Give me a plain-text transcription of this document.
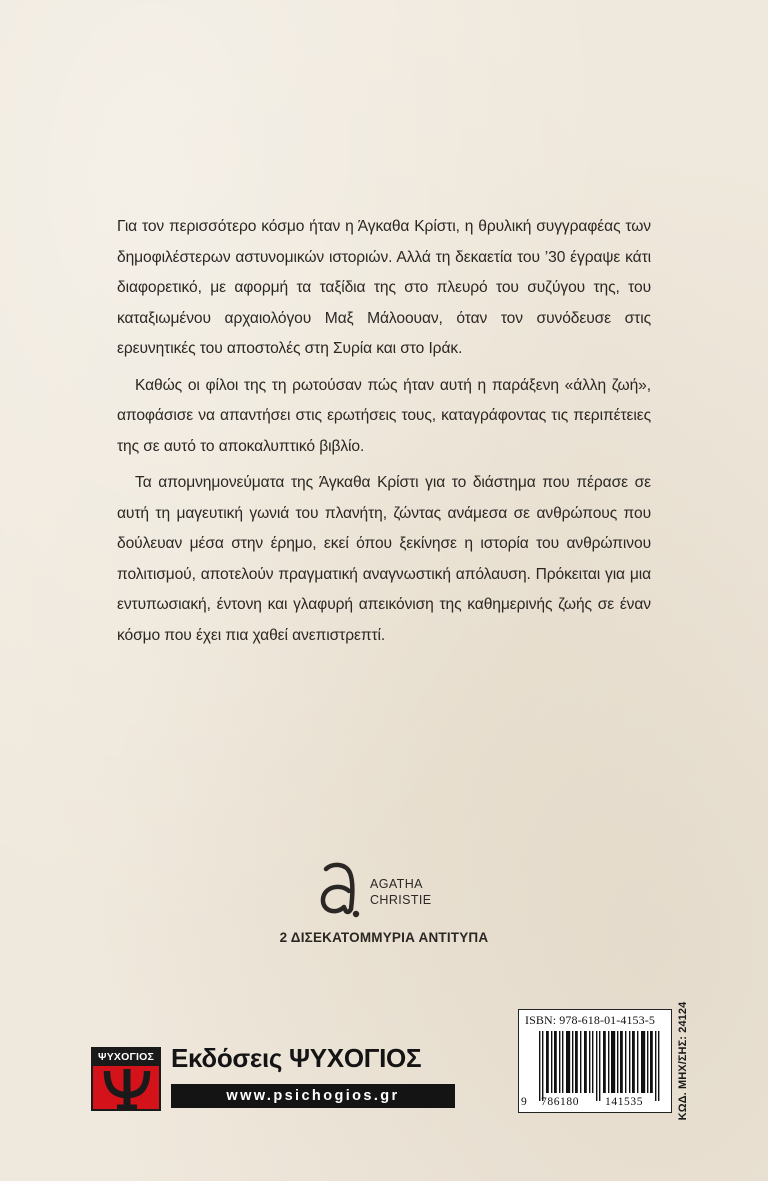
Για τον περισσότερο κόσμο ήταν η Άγκαθα Κρίστι, η θρυλική συγγραφέας των δημοφιλέστερων αστυνομικών ιστοριών. Αλλά τη δεκαετία του ’30 έγραψε κάτι διαφορετικό, με αφορμή τα ταξίδια της στο πλευρό του συζύγου της, του καταξιωμένου αρχαιολόγου Μαξ Μάλοουαν, όταν τον συνόδευσε στις ερευνητικές του αποστολές στη Συρία και στο Ιράκ.

Καθώς οι φίλοι της τη ρωτούσαν πώς ήταν αυτή η παράξενη «άλλη ζωή», αποφάσισε να απαντήσει στις ερωτήσεις τους, καταγράφοντας τις περιπέτειες της σε αυτό το αποκαλυπτικό βιβλίο.

Τα απομνημονεύματα της Άγκαθα Κρίστι για το διάστημα που πέρασε σε αυτή τη μαγευτική γωνιά του πλανήτη, ζώντας ανάμεσα σε ανθρώπους που δούλευαν μέσα στην έρημο, εκεί όπου ξεκίνησε η ιστορία του ανθρώπινου πολιτισμού, αποτελούν πραγματική αναγνωστική απόλαυση. Πρόκειται για μια εντυπωσιακή, έντονη και γλαφυρή απεικόνιση της καθημερινής ζωής σε έναν κόσμο που έχει πια χαθεί ανεπιστρεπτί.

AGATHA
CHRISTIE
2 ΔΙΣΕΚΑΤΟΜΜΥΡΙΑ ΑΝΤΙΤΥΠΑ
ΨΥΧΟΓΙΟΣ Εκδόσεις ΨΥΧΟΓΙΟΣ
www.psichogios.gr
ISBN: 978-618-01-4153-5
9 786180 141535	ΚΩΔ. ΜΗΧ/ΣΗΣ: 24124
